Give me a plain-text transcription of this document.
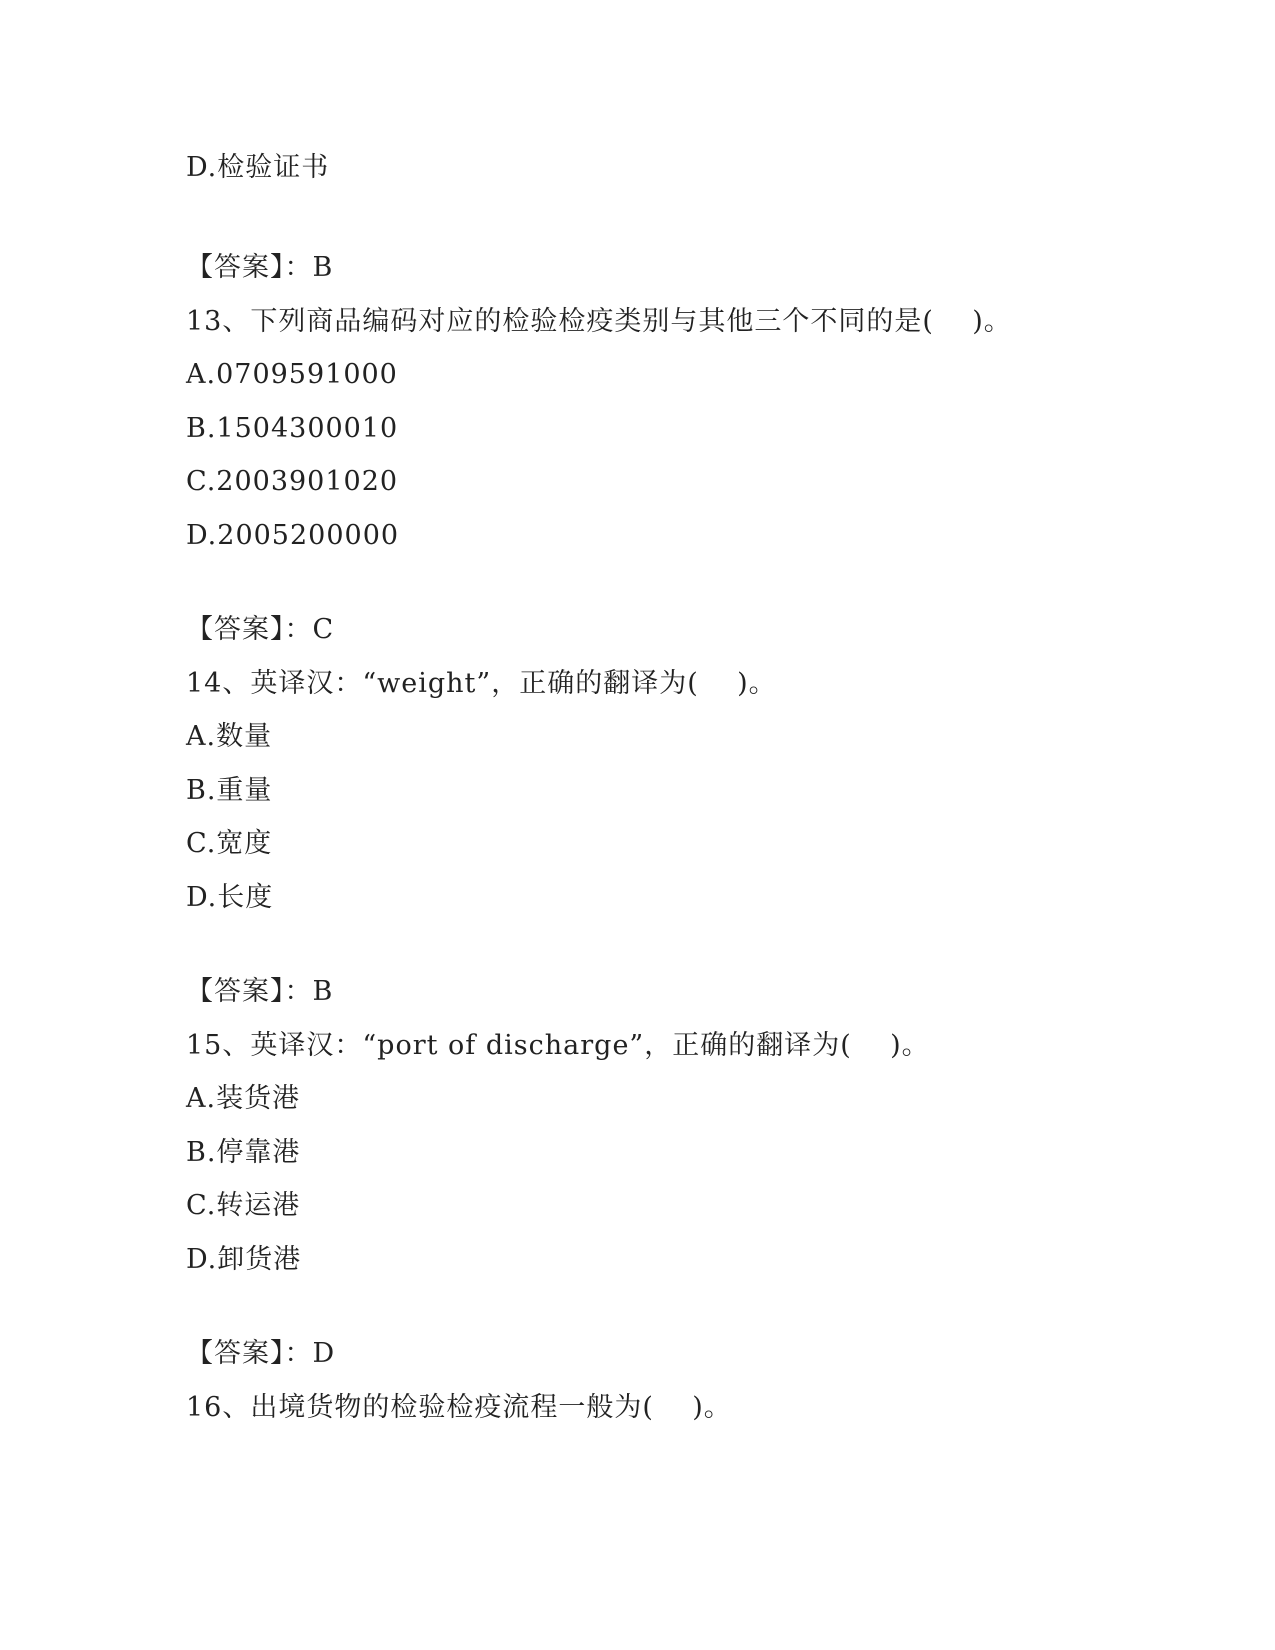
D.检验证书
【答案】：B
13、下列商品编码对应的检验检疫类别与其他三个不同的是(    )。
A.0709591000
B.1504300010
C.2003901020
D.2005200000
【答案】：C
14、英译汉：“weight”，正确的翻译为(    )。
A.数量
B.重量
C.宽度
D.长度
【答案】：B
15、英译汉：“port of discharge”，正确的翻译为(    )。
A.装货港
B.停靠港
C.转运港
D.卸货港
【答案】：D
16、出境货物的检验检疫流程一般为(    )。
